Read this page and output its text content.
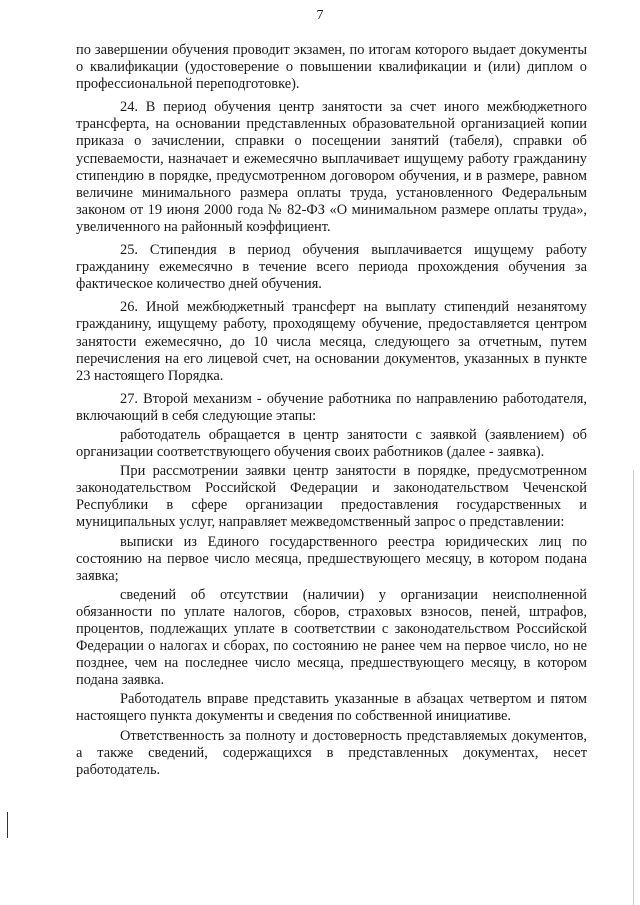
7

по завершении обучения проводит экзамен, по итогам которого выдает документы о квалификации (удостоверение о повышении квалификации и (или) диплом о профессиональной переподготовке).

24. В период обучения центр занятости за счет иного межбюджетного трансферта, на основании представленных образовательной организацией копии приказа о зачислении, справки о посещении занятий (табеля), справки об успеваемости, назначает и ежемесячно выплачивает ищущему работу гражданину стипендию в порядке, предусмотренном договором обучения, и в размере, равном величине минимального размера оплаты труда, установленного Федеральным законом от 19 июня 2000 года № 82-ФЗ «О минимальном размере оплаты труда», увеличенного на районный коэффициент.

25. Стипендия в период обучения выплачивается ищущему работу гражданину ежемесячно в течение всего периода прохождения обучения за фактическое количество дней обучения.

26. Иной межбюджетный трансферт на выплату стипендий незанятому гражданину, ищущему работу, проходящему обучение, предоставляется центром занятости ежемесячно, до 10 числа месяца, следующего за отчетным, путем перечисления на его лицевой счет, на основании документов, указанных в пункте 23 настоящего Порядка.

27. Второй механизм - обучение работника по направлению работодателя, включающий в себя следующие этапы:

работодатель обращается в центр занятости с заявкой (заявлением) об организации соответствующего обучения своих работников (далее - заявка).

При рассмотрении заявки центр занятости в порядке, предусмотренном законодательством Российской Федерации и законодательством Чеченской Республики в сфере организации предоставления государственных и муниципальных услуг, направляет межведомственный запрос о представлении:

выписки из Единого государственного реестра юридических лиц по состоянию на первое число месяца, предшествующего месяцу, в котором подана заявка;

сведений об отсутствии (наличии) у организации неисполненной обязанности по уплате налогов, сборов, страховых взносов, пеней, штрафов, процентов, подлежащих уплате в соответствии с законодательством Российской Федерации о налогах и сборах, по состоянию не ранее чем на первое число, но не позднее, чем на последнее число месяца, предшествующего месяцу, в котором подана заявка.

Работодатель вправе представить указанные в абзацах четвертом и пятом настоящего пункта документы и сведения по собственной инициативе.

Ответственность за полноту и достоверность представляемых документов, а также сведений, содержащихся в представленных документах, несет работодатель.
